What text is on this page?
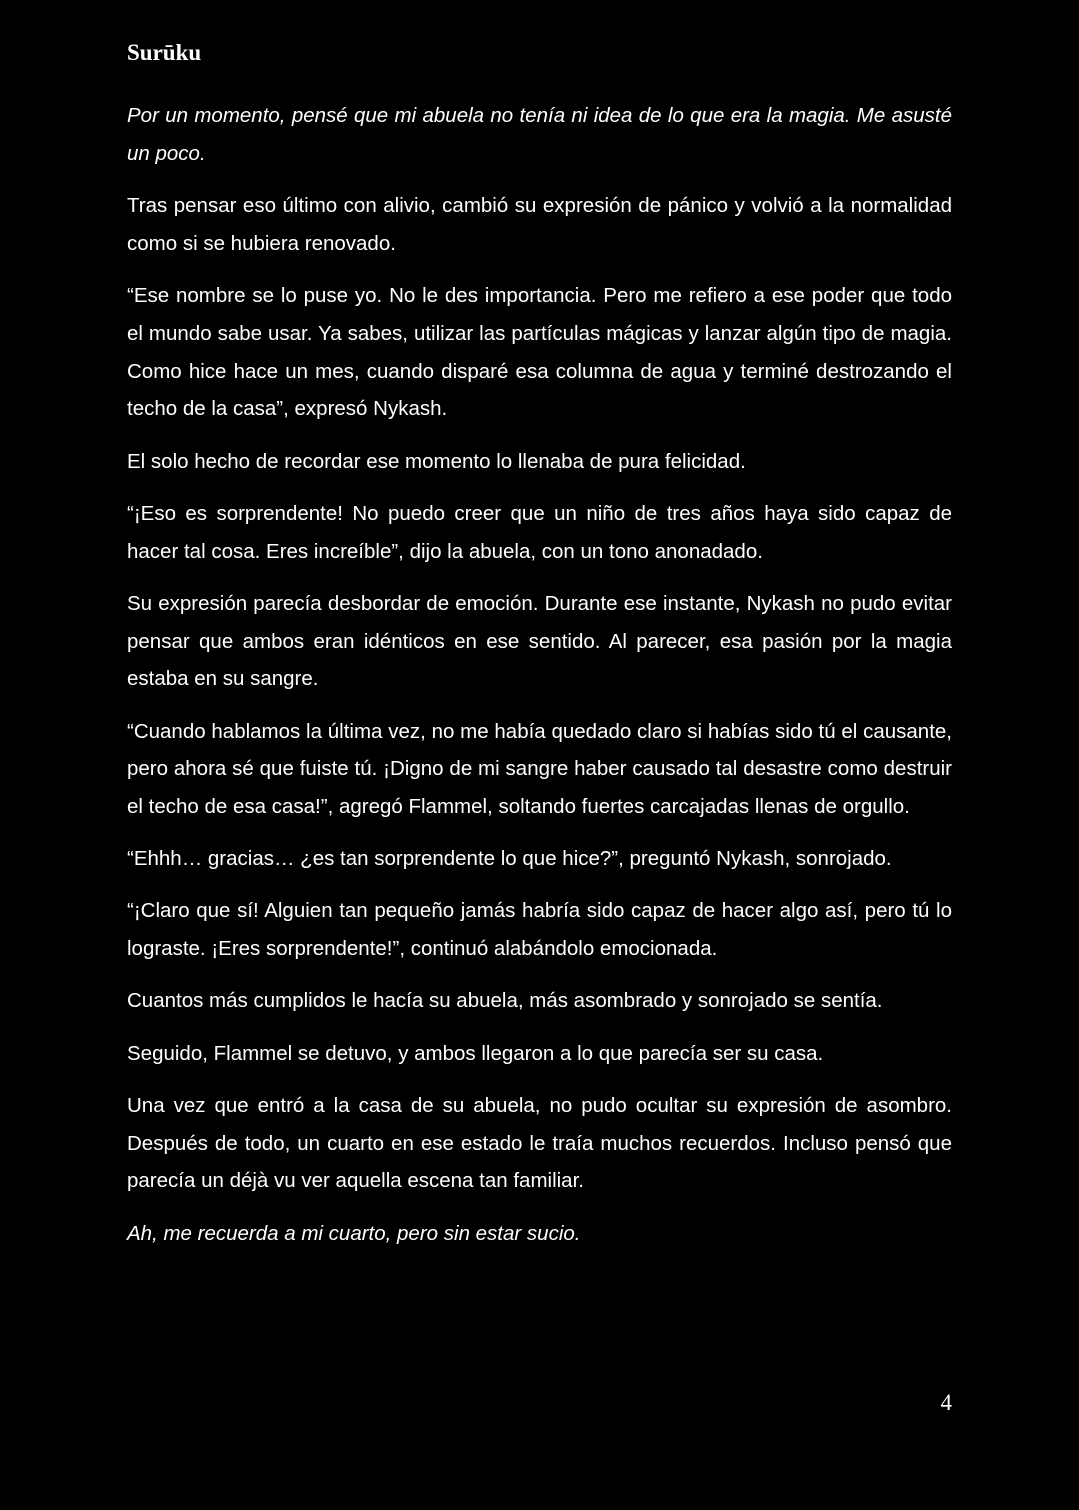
Surūku

Por un momento, pensé que mi abuela no tenía ni idea de lo que era la magia. Me asusté un poco.

Tras pensar eso último con alivio, cambió su expresión de pánico y volvió a la normalidad como si se hubiera renovado.

“Ese nombre se lo puse yo. No le des importancia. Pero me refiero a ese poder que todo el mundo sabe usar. Ya sabes, utilizar las partículas mágicas y lanzar algún tipo de magia. Como hice hace un mes, cuando disparé esa columna de agua y terminé destrozando el techo de la casa”, expresó Nykash.

El solo hecho de recordar ese momento lo llenaba de pura felicidad.

“¡Eso es sorprendente! No puedo creer que un niño de tres años haya sido capaz de hacer tal cosa. Eres increíble”, dijo la abuela, con un tono anonadado.

Su expresión parecía desbordar de emoción. Durante ese instante, Nykash no pudo evitar pensar que ambos eran idénticos en ese sentido. Al parecer, esa pasión por la magia estaba en su sangre.

“Cuando hablamos la última vez, no me había quedado claro si habías sido tú el causante, pero ahora sé que fuiste tú. ¡Digno de mi sangre haber causado tal desastre como destruir el techo de esa casa!”, agregó Flammel, soltando fuertes carcajadas llenas de orgullo.

“Ehhh… gracias… ¿es tan sorprendente lo que hice?”, preguntó Nykash, sonrojado.

“¡Claro que sí! Alguien tan pequeño jamás habría sido capaz de hacer algo así, pero tú lo lograste. ¡Eres sorprendente!”, continuó alabándolo emocionada.

Cuantos más cumplidos le hacía su abuela, más asombrado y sonrojado se sentía.

Seguido, Flammel se detuvo, y ambos llegaron a lo que parecía ser su casa.

Una vez que entró a la casa de su abuela, no pudo ocultar su expresión de asombro. Después de todo, un cuarto en ese estado le traía muchos recuerdos. Incluso pensó que parecía un déjà vu ver aquella escena tan familiar.

Ah, me recuerda a mi cuarto, pero sin estar sucio.

4
